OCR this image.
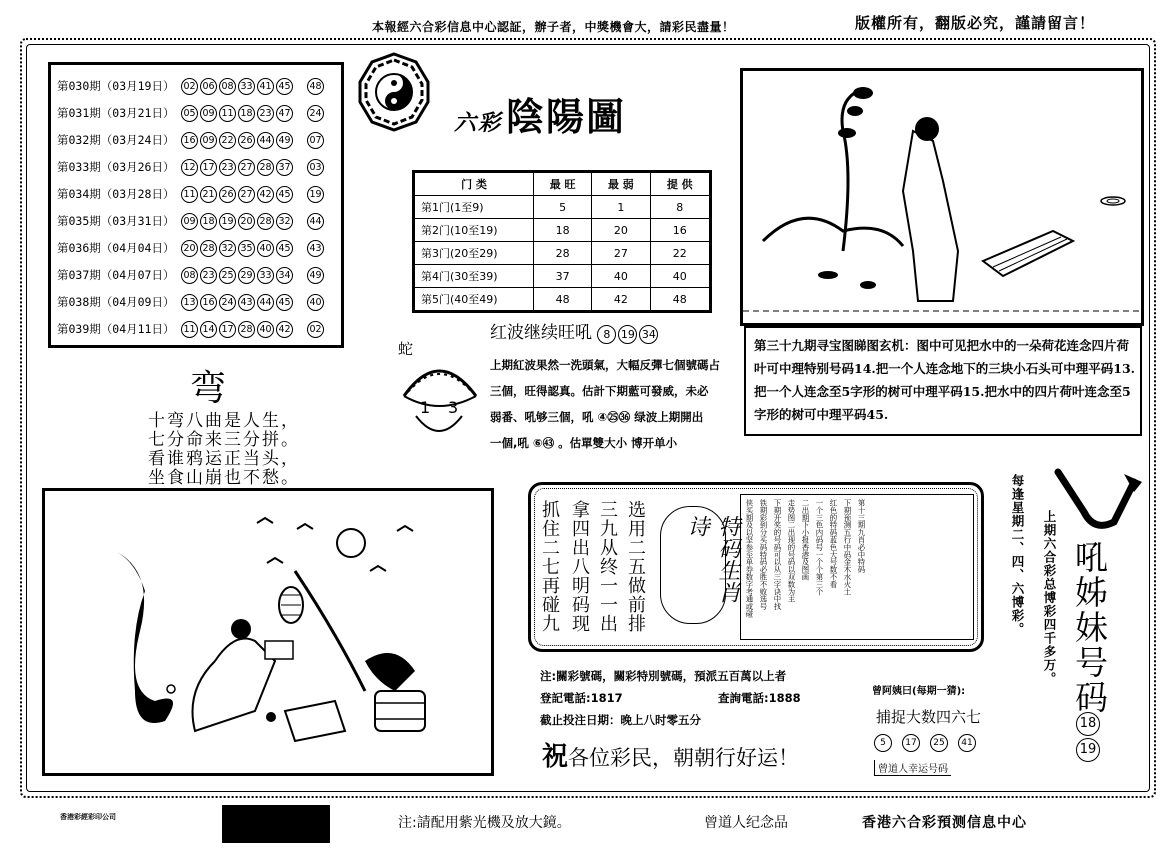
本報經六合彩信息中心認証，辦子者，中獎機會大，請彩民盡量！	版權所有，翻版必究，謹請留言！
第030期（03月19日） 02 06 08 33 41 45 48
第031期（03月21日） 05 09 11 18 23 47 24
第032期（03月24日） 16 09 22 26 44 49 07
第033期（03月26日） 12 17 23 27 28 37 03
第034期（03月28日） 11 21 26 27 42 45 19
第035期（03月31日） 09 18 19 20 28 32 44
第036期（04月04日） 20 28 32 35 40 45 43
第037期（04月07日） 08 23 25 29 33 34 49
第038期（04月09日） 13 16 24 43 44 45 40
第039期（04月11日） 11 14 17 28 40 42 02
六彩 陰陽圖
门 类	最 旺	最 弱	提 供
第1门(1至9)	5	1	8
第2门(10至19)	18	20	16
第3门(20至29)	28	27	22
第4门(30至39)	37	40	40
第5门(40至49)	48	42	48
红波继续旺吼 8 19 34
蛇
1 3
上期紅波果然一洗頭氣，大幅反彈七個號碼占
三個，旺得認真。估計下期藍可發威，未必
弱番、吼够三個，吼 ④㉕㊱ 绿波上期開出
一個,吼 ⑥㊸ 。估單雙大小 博开单小
第三十九期寻宝图睇图玄机：图中可见把水中的一朵荷花连念四片荷叶可中理特别号码14.把一个人连念地下的三块小石头可中理平码13.把一个人连念至5字形的树可中理平码15.把水中的四片荷叶连念至5字形的树可中理平码45.
弯
十弯八曲是人生，
七分命来三分拼。
看谁鸦运正当头，
坐食山崩也不愁。
抓住二七再碰九 拿四出八明码现 三九从终一一出 选用二五做前排	特码生肖诗	侠买期及以坚参至单券数字考通或碰 铁期彩到分买码特码必胜不败选号 下期开奖的号码可以从三字诀中找 走势图二出现的号码以双数为主 二出期下小报香港及图画 一个三色内码号一个个第三个 红色的特码蓝色大号数不看 下期预测五行中码金木水火土 第十三期九肖必中特码
注:關彩號碼，關彩特別號碼，預派五百萬以上者
登記電話:1817	查詢電話:1888
截止投注日期：晚上八时零五分
祝各位彩民，朝朝行好运！
曾阿姨曰(每期一猜):
捕捉大数四六七
5	17	25	41
曾道人幸运号码
每逢星期二、四、六博彩。 上期六合彩总博彩四千多万。 吼姊妹号码
18
19
香港彩經彩印公司	注:請配用紫光機及放大鏡。	曾道人纪念品	香港六合彩預测信息中心
